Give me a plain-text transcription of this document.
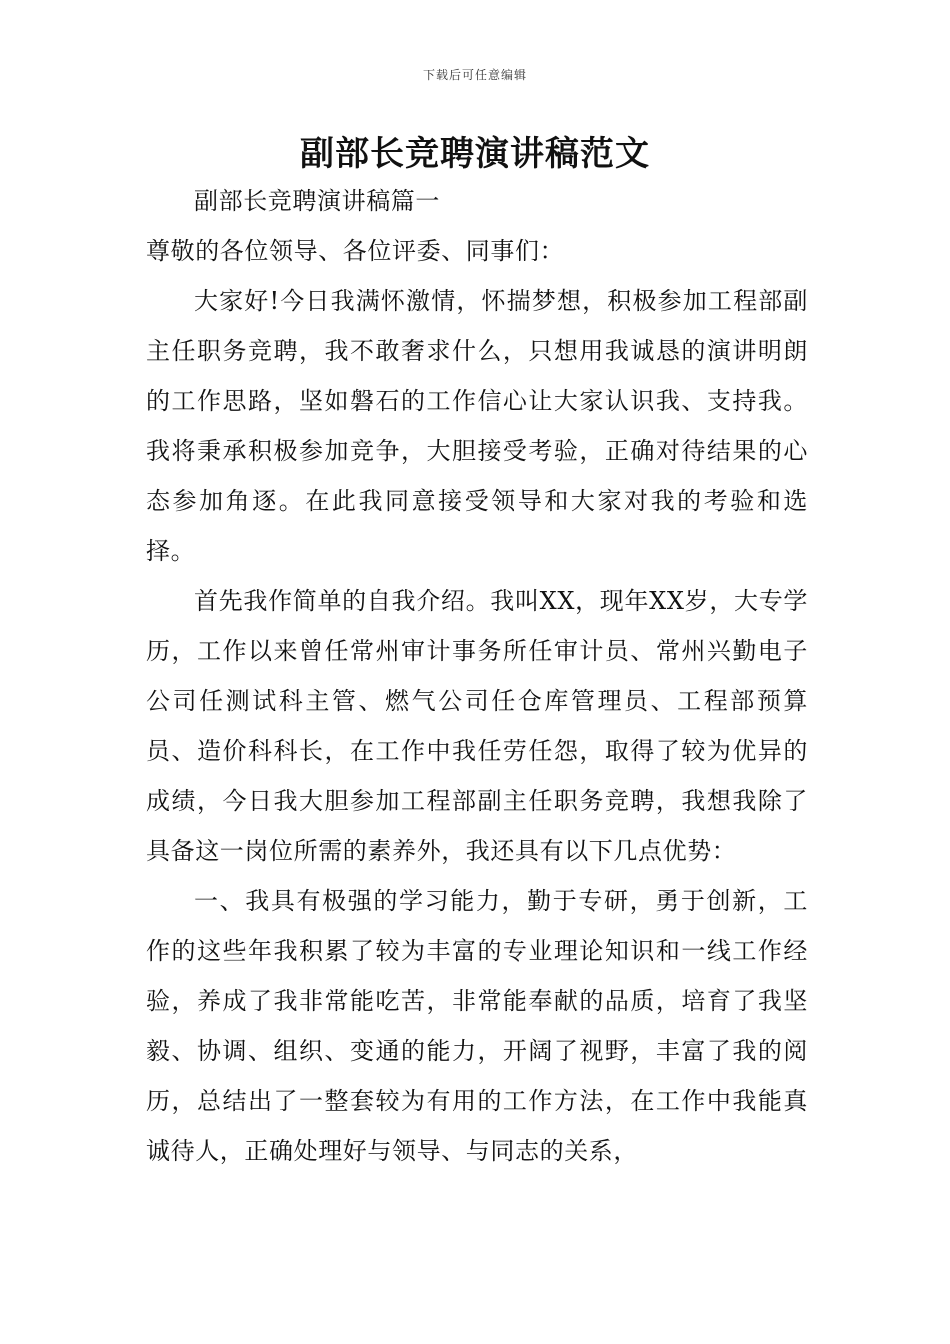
下载后可任意编辑
副部长竞聘演讲稿范文

副部长竞聘演讲稿篇一

尊敬的各位领导、各位评委、同事们：

大家好!今日我满怀激情，怀揣梦想，积极参加工程部副主任职务竞聘，我不敢奢求什么，只想用我诚恳的演讲明朗的工作思路，坚如磐石的工作信心让大家认识我、支持我。我将秉承积极参加竞争，大胆接受考验，正确对待结果的心态参加角逐。在此我同意接受领导和大家对我的考验和选择。

首先我作简单的自我介绍。我叫XX，现年XX岁，大专学历，工作以来曾任常州审计事务所任审计员、常州兴勤电子公司任测试科主管、燃气公司任仓库管理员、工程部预算员、造价科科长，在工作中我任劳任怨，取得了较为优异的成绩，今日我大胆参加工程部副主任职务竞聘，我想我除了具备这一岗位所需的素养外，我还具有以下几点优势：

一、我具有极强的学习能力，勤于专研，勇于创新，工作的这些年我积累了较为丰富的专业理论知识和一线工作经验，养成了我非常能吃苦，非常能奉献的品质，培育了我坚毅、协调、组织、变通的能力，开阔了视野，丰富了我的阅历，总结出了一整套较为有用的工作方法，在工作中我能真诚待人，正确处理好与领导、与同志的关系，
